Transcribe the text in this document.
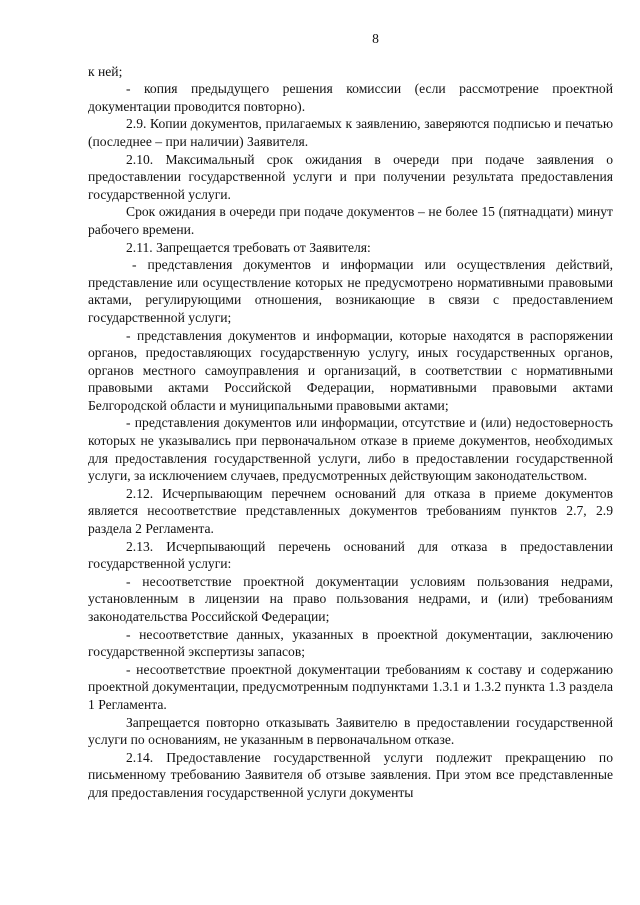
8

к ней;

- копия предыдущего решения комиссии (если рассмотрение проектной документации проводится повторно).

2.9. Копии документов, прилагаемых к заявлению, заверяются подписью и печатью (последнее – при наличии) Заявителя.

2.10. Максимальный срок ожидания в очереди при подаче заявления о предоставлении государственной услуги и при получении результата предоставления государственной услуги.

Срок ожидания в очереди при подаче документов – не более 15 (пятнадцати) минут рабочего времени.

2.11. Запрещается требовать от Заявителя:

- представления документов и информации или осуществления действий, представление или осуществление которых не предусмотрено нормативными правовыми актами, регулирующими отношения, возникающие в связи с предоставлением государственной услуги;

- представления документов и информации, которые находятся в распоряжении органов, предоставляющих государственную услугу, иных государственных органов, органов местного самоуправления и организаций, в соответствии с нормативными правовыми актами Российской Федерации, нормативными правовыми актами Белгородской области и муниципальными правовыми актами;

- представления документов или информации, отсутствие и (или) недостоверность которых не указывались при первоначальном отказе в приеме документов, необходимых для предоставления государственной услуги, либо в предоставлении государственной услуги, за исключением случаев, предусмотренных действующим законодательством.

2.12. Исчерпывающим перечнем оснований для отказа в приеме документов является несоответствие представленных документов требованиям пунктов 2.7, 2.9 раздела 2 Регламента.

2.13. Исчерпывающий перечень оснований для отказа в предоставлении государственной услуги:

- несоответствие проектной документации условиям пользования недрами, установленным в лицензии на право пользования недрами, и (или) требованиям законодательства Российской Федерации;

- несоответствие данных, указанных в проектной документации, заключению государственной экспертизы запасов;

- несоответствие проектной документации требованиям к составу и содержанию проектной документации, предусмотренным подпунктами 1.3.1 и 1.3.2 пункта 1.3 раздела 1 Регламента.

Запрещается повторно отказывать Заявителю в предоставлении государственной услуги по основаниям, не указанным в первоначальном отказе.

2.14. Предоставление государственной услуги подлежит прекращению по письменному требованию Заявителя об отзыве заявления. При этом все представленные для предоставления государственной услуги документы
